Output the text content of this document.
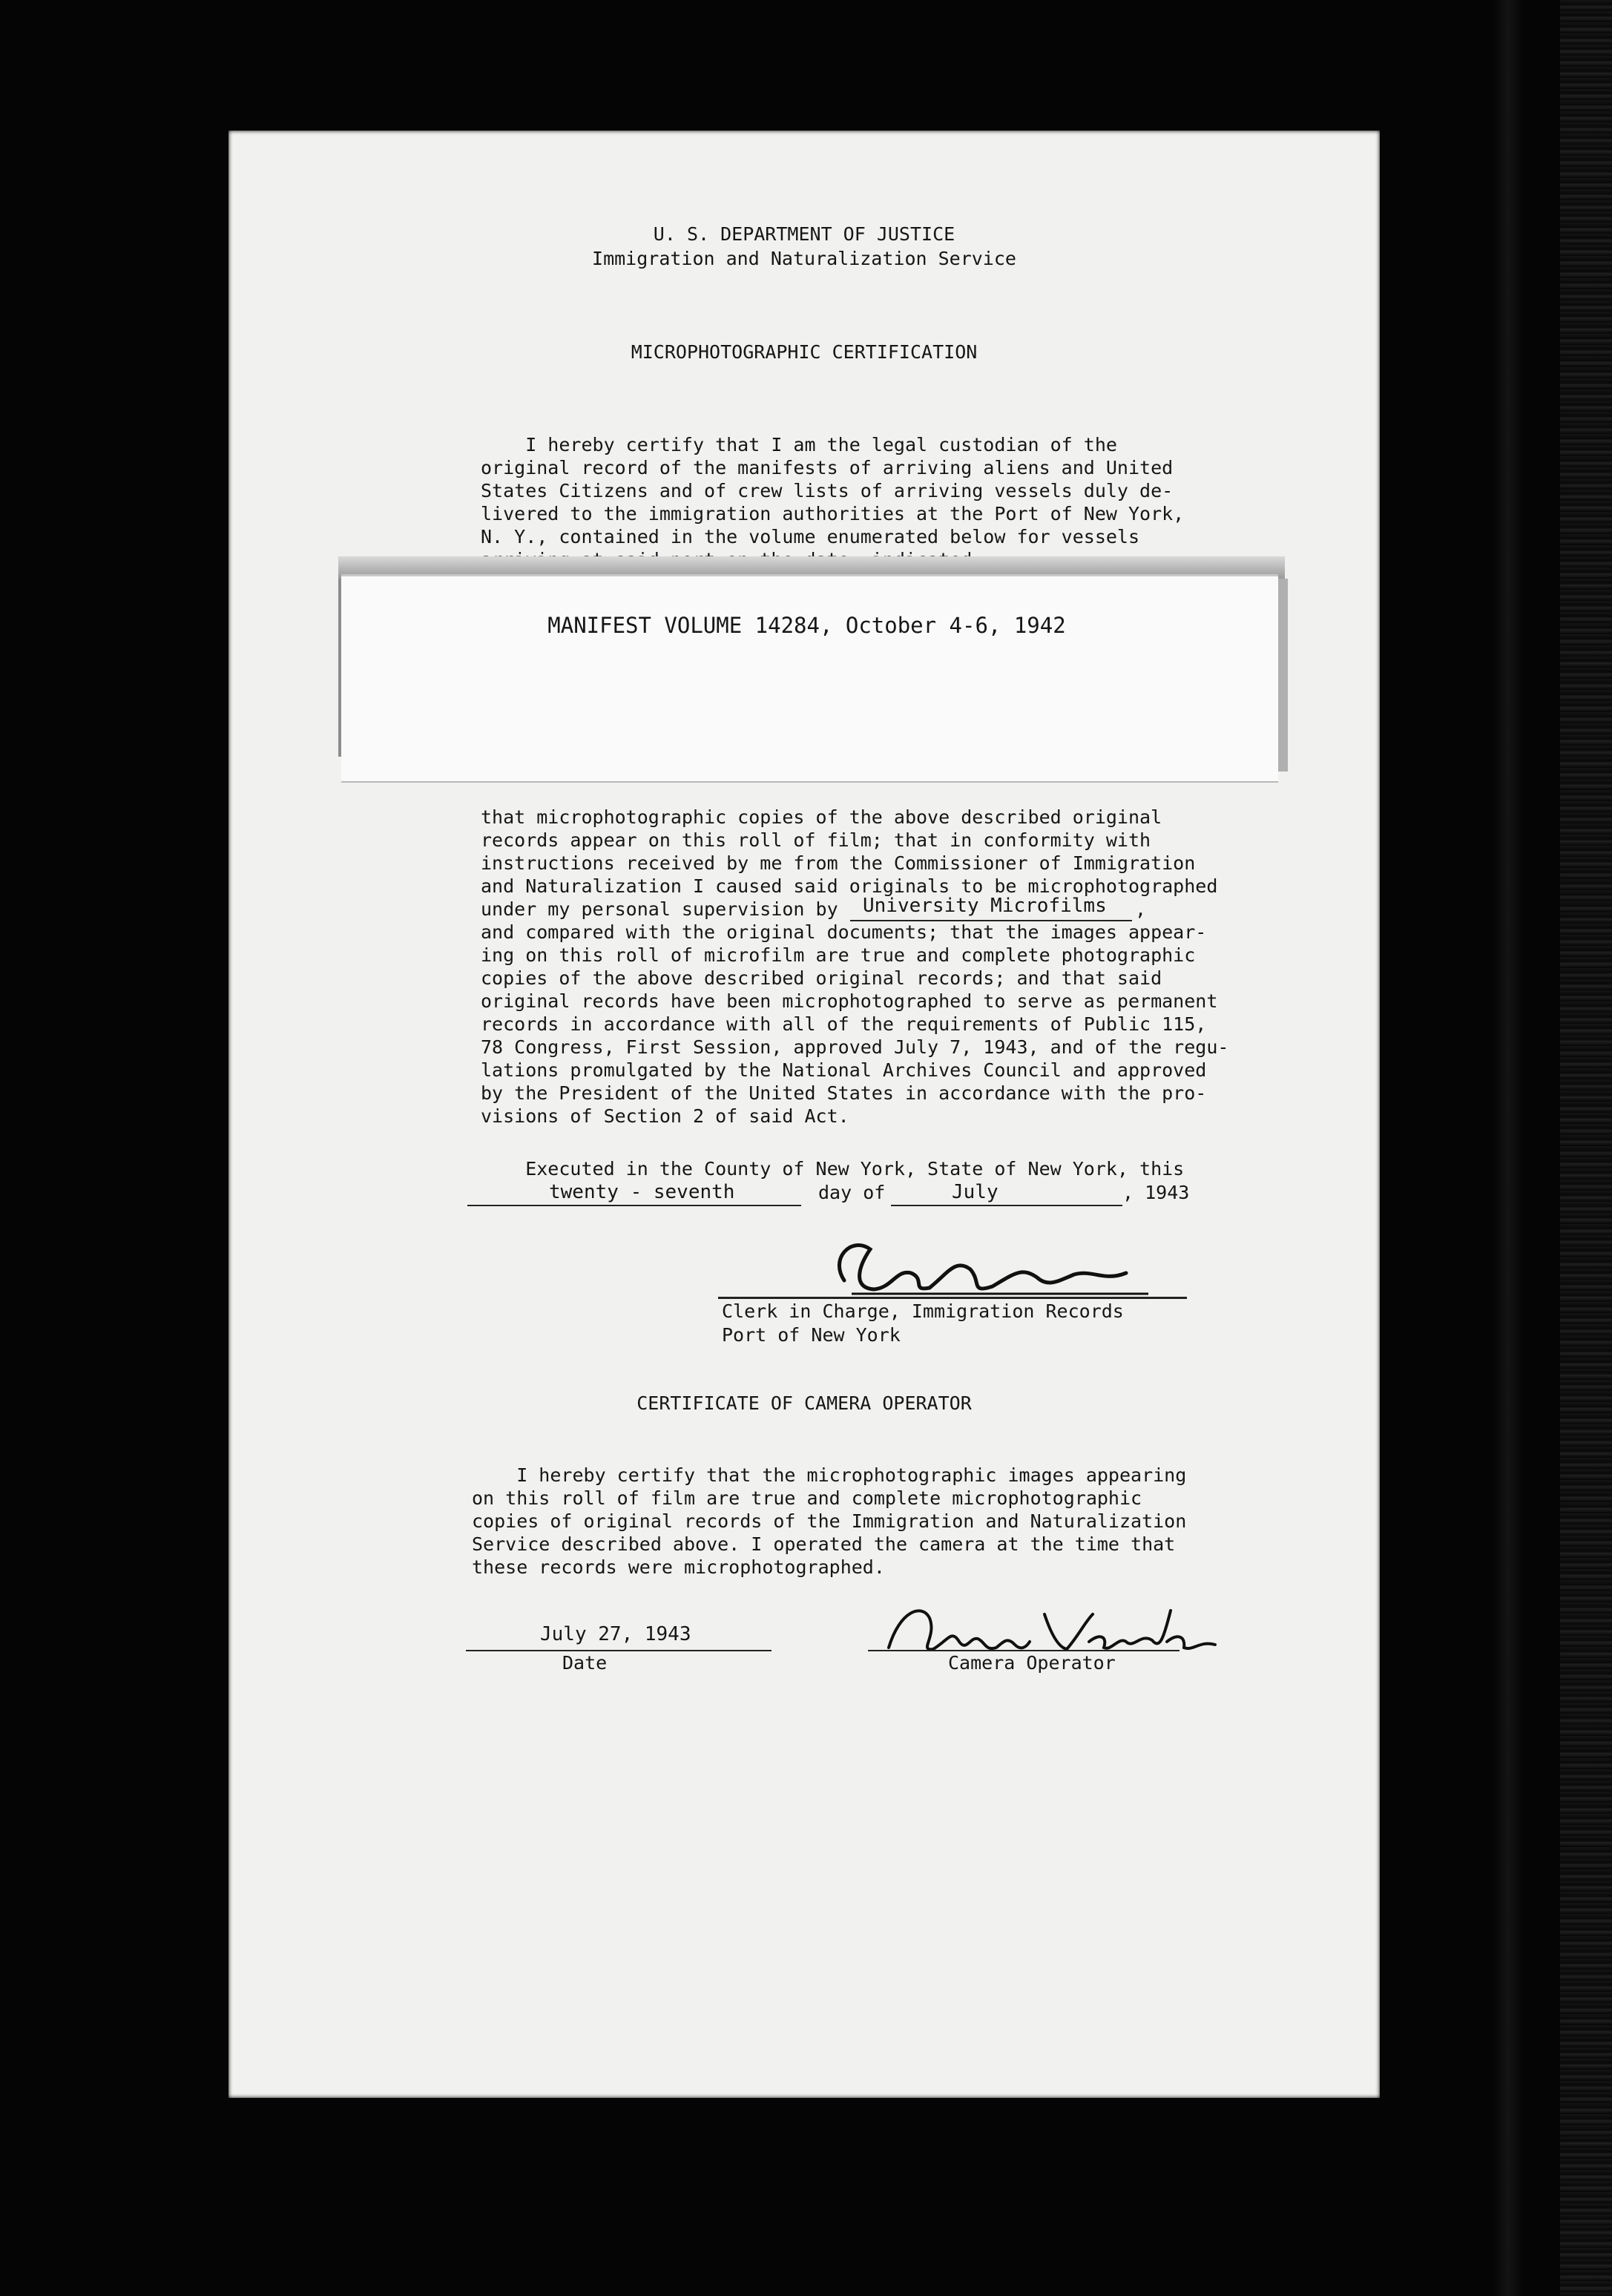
U. S. DEPARTMENT OF JUSTICE
Immigration and Naturalization Service
MICROPHOTOGRAPHIC CERTIFICATION
I hereby certify that I am the legal custodian of the
original record of the manifests of arriving aliens and United
States Citizens and of crew lists of arriving vessels duly de-
livered to the immigration authorities at the Port of New York,
N. Y., contained in the volume enumerated below for vessels
MANIFEST VOLUME 14284, October 4-6, 1942
that microphotographic copies of the above described original
records appear on this roll of film; that in conformity with
instructions received by me from the Commissioner of Immigration
and Naturalization I caused said originals to be microphotographed
under my personal supervision by University Microfilms ,
and compared with the original documents; that the images appear-
ing on this roll of microfilm are true and complete photographic
copies of the above described original records; and that said
original records have been microphotographed to serve as permanent
records in accordance with all of the requirements of Public 115,
78 Congress, First Session, approved July 7, 1943, and of the regu-
lations promulgated by the National Archives Council and approved
by the President of the United States in accordance with the pro-
visions of Section 2 of said Act.
Executed in the County of New York, State of New York, this
twenty - seventh	day of	July	, 1943
Clerk in Charge, Immigration Records
Port of New York
CERTIFICATE OF CAMERA OPERATOR
I hereby certify that the microphotographic images appearing
on this roll of film are true and complete microphotographic
copies of original records of the Immigration and Naturalization
Service described above. I operated the camera at the time that
these records were microphotographed.
July 27, 1943
Date	Camera Operator
